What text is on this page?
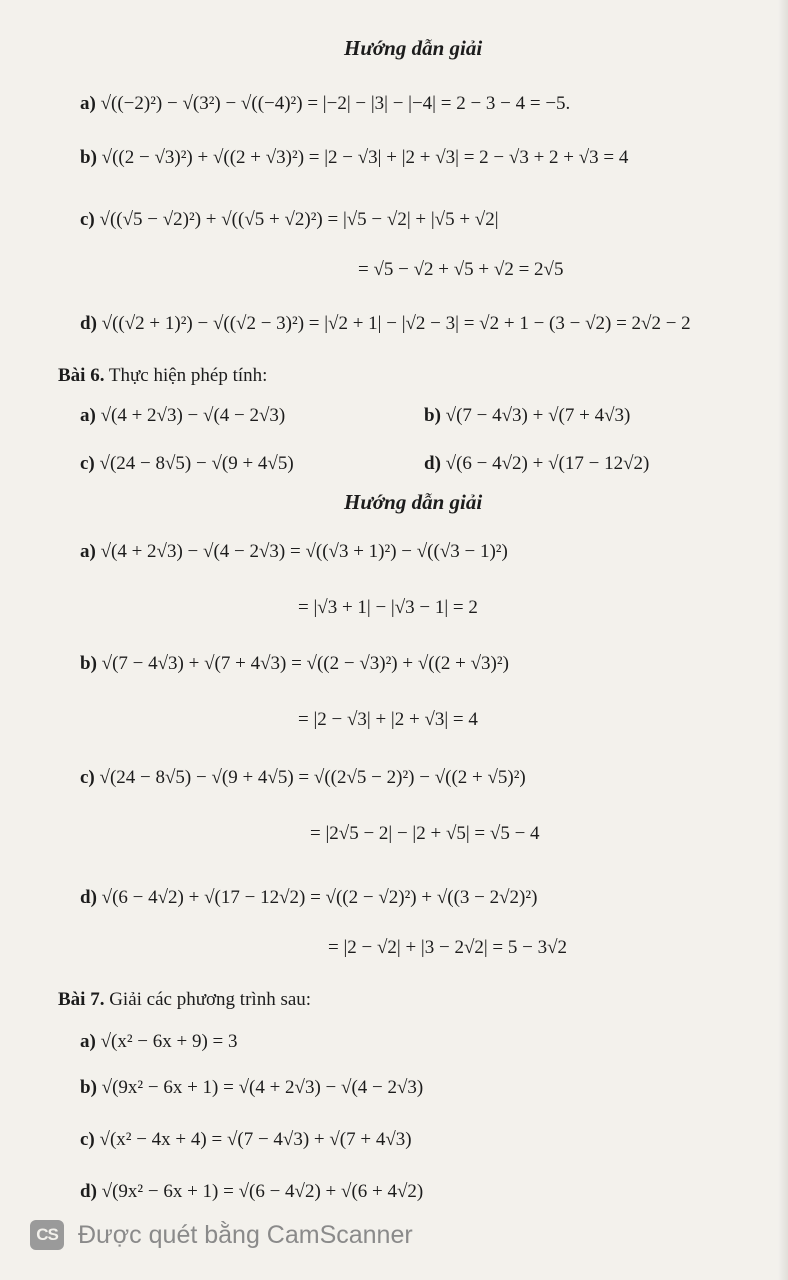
Hướng dẫn giải
a) √((−2)²) − √(3²) − √((−4)²) = |−2| − |3| − |−4| = 2 − 3 − 4 = −5.
b) √((2 − √3)²) + √((2 + √3)²) = |2 − √3| + |2 + √3| = 2 − √3 + 2 + √3 = 4
c) √((√5 − √2)²) + √((√5 + √2)²) = |√5 − √2| + |√5 + √2|
= √5 − √2 + √5 + √2 = 2√5
d) √((√2 + 1)²) − √((√2 − 3)²) = |√2 + 1| − |√2 − 3| = √2 + 1 − (3 − √2) = 2√2 − 2
Bài 6. Thực hiện phép tính:
a) √(4 + 2√3) − √(4 − 2√3)	b) √(7 − 4√3) + √(7 + 4√3)
c) √(24 − 8√5) − √(9 + 4√5)	d) √(6 − 4√2) + √(17 − 12√2)
Hướng dẫn giải
a) √(4 + 2√3) − √(4 − 2√3) = √((√3 + 1)²) − √((√3 − 1)²)
= |√3 + 1| − |√3 − 1| = 2
b) √(7 − 4√3) + √(7 + 4√3) = √((2 − √3)²) + √((2 + √3)²)
= |2 − √3| + |2 + √3| = 4
c) √(24 − 8√5) − √(9 + 4√5) = √((2√5 − 2)²) − √((2 + √5)²)
= |2√5 − 2| − |2 + √5| = √5 − 4
d) √(6 − 4√2) + √(17 − 12√2) = √((2 − √2)²) + √((3 − 2√2)²)
= |2 − √2| + |3 − 2√2| = 5 − 3√2
Bài 7. Giải các phương trình sau:
a) √(x² − 6x + 9) = 3
b) √(9x² − 6x + 1) = √(4 + 2√3) − √(4 − 2√3)
c) √(x² − 4x + 4) = √(7 − 4√3) + √(7 + 4√3)
d) √(9x² − 6x + 1) = √(6 − 4√2) + √(6 + 4√2)
CS Được quét bằng CamScanner
